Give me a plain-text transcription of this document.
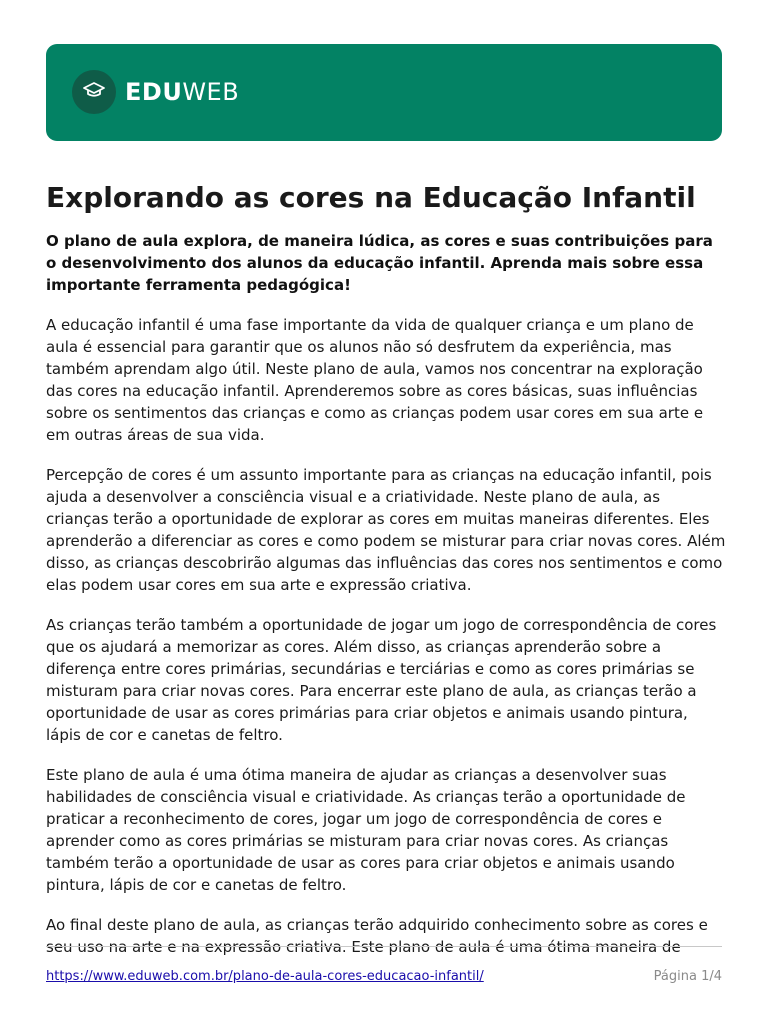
EDUWEB
Explorando as cores na Educação Infantil

O plano de aula explora, de maneira lúdica, as cores e suas contribuições para o desenvolvimento dos alunos da educação infantil. Aprenda mais sobre essa importante ferramenta pedagógica!

A educação infantil é uma fase importante da vida de qualquer criança e um plano de aula é essencial para garantir que os alunos não só desfrutem da experiência, mas também aprendam algo útil. Neste plano de aula, vamos nos concentrar na exploração das cores na educação infantil. Aprenderemos sobre as cores básicas, suas influências sobre os sentimentos das crianças e como as crianças podem usar cores em sua arte e em outras áreas de sua vida.

Percepção de cores é um assunto importante para as crianças na educação infantil, pois ajuda a desenvolver a consciência visual e a criatividade. Neste plano de aula, as crianças terão a oportunidade de explorar as cores em muitas maneiras diferentes. Eles aprenderão a diferenciar as cores e como podem se misturar para criar novas cores. Além disso, as crianças descobrirão algumas das influências das cores nos sentimentos e como elas podem usar cores em sua arte e expressão criativa.

As crianças terão também a oportunidade de jogar um jogo de correspondência de cores que os ajudará a memorizar as cores. Além disso, as crianças aprenderão sobre a diferença entre cores primárias, secundárias e terciárias e como as cores primárias se misturam para criar novas cores. Para encerrar este plano de aula, as crianças terão a oportunidade de usar as cores primárias para criar objetos e animais usando pintura, lápis de cor e canetas de feltro.

Este plano de aula é uma ótima maneira de ajudar as crianças a desenvolver suas habilidades de consciência visual e criatividade. As crianças terão a oportunidade de praticar a reconhecimento de cores, jogar um jogo de correspondência de cores e aprender como as cores primárias se misturam para criar novas cores. As crianças também terão a oportunidade de usar as cores para criar objetos e animais usando pintura, lápis de cor e canetas de feltro.

Ao final deste plano de aula, as crianças terão adquirido conhecimento sobre as cores e seu uso na arte e na expressão criativa. Este plano de aula é uma ótima maneira de

https://www.eduweb.com.br/plano-de-aula-cores-educacao-infantil/	Página 1/4
